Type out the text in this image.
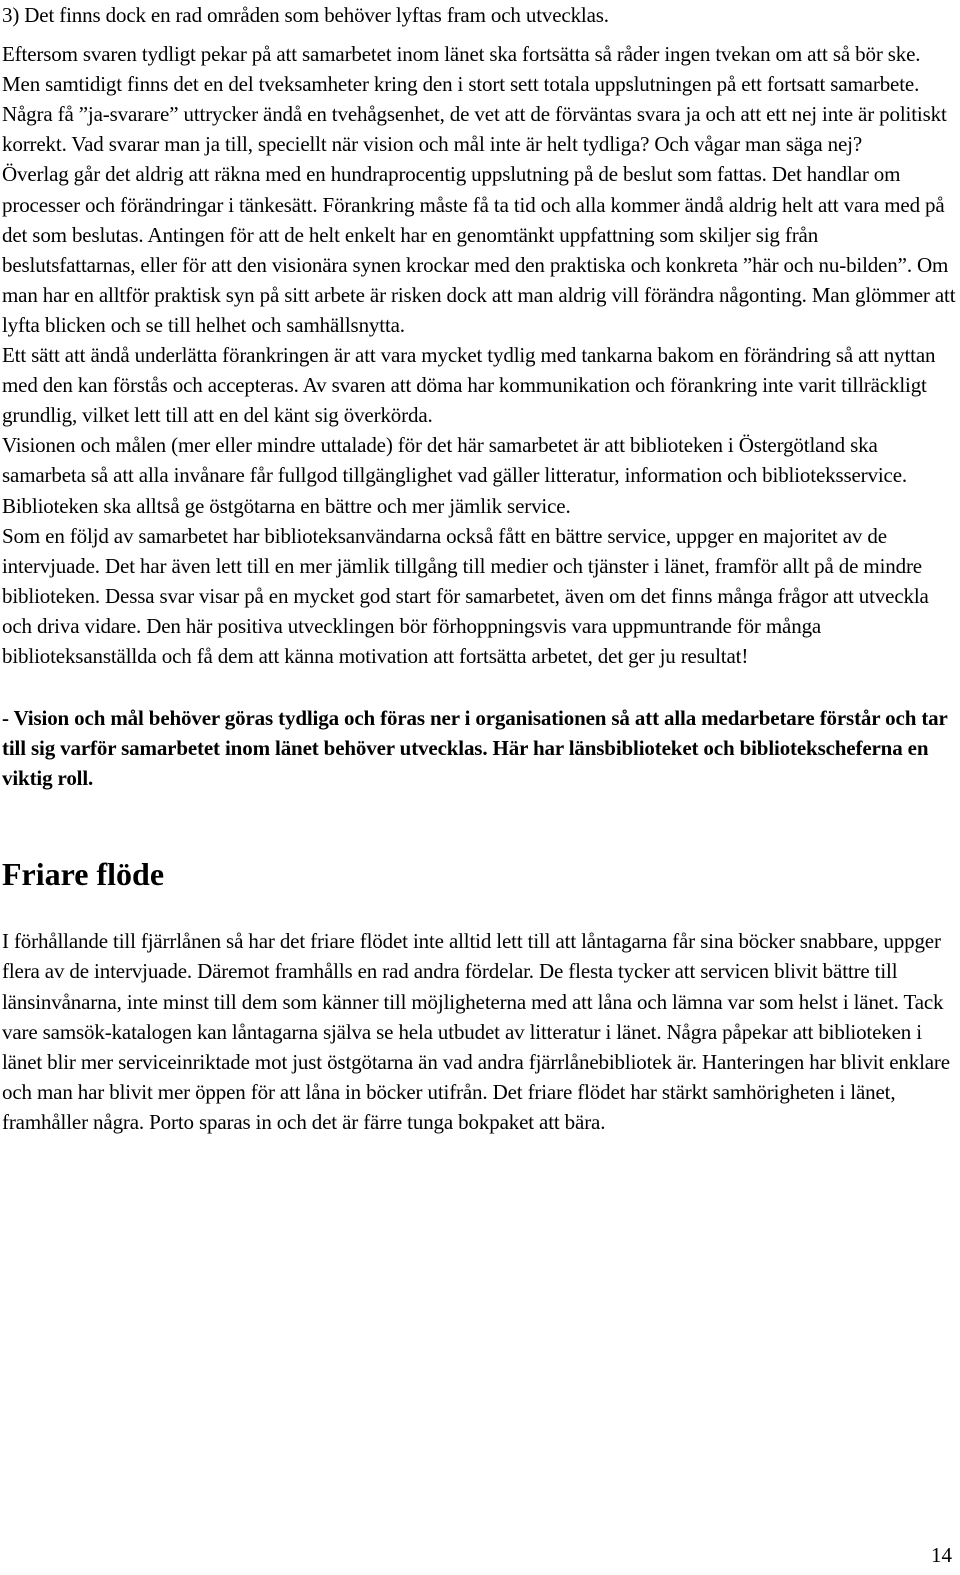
3) Det finns dock en rad områden som behöver lyftas fram och utvecklas.

Eftersom svaren tydligt pekar på att samarbetet inom länet ska fortsätta så råder ingen tvekan om att så bör ske. Men samtidigt finns det en del tveksamheter kring den i stort sett totala uppslutningen på ett fortsatt samarbete. Några få ”ja-svarare” uttrycker ändå en tvehågsenhet, de vet att de förväntas svara ja och att ett nej inte är politiskt korrekt. Vad svarar man ja till, speciellt när vision och mål inte är helt tydliga? Och vågar man säga nej?

Överlag går det aldrig att räkna med en hundraprocentig uppslutning på de beslut som fattas. Det handlar om processer och förändringar i tänkesätt. Förankring måste få ta tid och alla kommer ändå aldrig helt att vara med på det som beslutas. Antingen för att de helt enkelt har en genomtänkt uppfattning som skiljer sig från beslutsfattarnas, eller för att den visionära synen krockar med den praktiska och konkreta ”här och nu-bilden”. Om man har en alltför praktisk syn på sitt arbete är risken dock att man aldrig vill förändra någonting. Man glömmer att lyfta blicken och se till helhet och samhällsnytta.

Ett sätt att ändå underlätta förankringen är att vara mycket tydlig med tankarna bakom en förändring så att nyttan med den kan förstås och accepteras. Av svaren att döma har kommunikation och förankring inte varit tillräckligt grundlig, vilket lett till att en del känt sig överkörda.

Visionen och målen (mer eller mindre uttalade) för det här samarbetet är att biblioteken i Östergötland ska samarbeta så att alla invånare får fullgod tillgänglighet vad gäller litteratur, information och biblioteksservice. Biblioteken ska alltså ge östgötarna en bättre och mer jämlik service.

Som en följd av samarbetet har biblioteksanvändarna också fått en bättre service, uppger en majoritet av de intervjuade. Det har även lett till en mer jämlik tillgång till medier och tjänster i länet, framför allt på de mindre biblioteken. Dessa svar visar på en mycket god start för samarbetet, även om det finns många frågor att utveckla och driva vidare. Den här positiva utvecklingen bör förhoppningsvis vara uppmuntrande för många biblioteksanställda och få dem att känna motivation att fortsätta arbetet, det ger ju resultat!

- Vision och mål behöver göras tydliga och föras ner i organisationen så att alla medarbetare förstår och tar till sig varför samarbetet inom länet behöver utvecklas. Här har länsbiblioteket och bibliotekscheferna en viktig roll.

Friare flöde

I förhållande till fjärrlånen så har det friare flödet inte alltid lett till att låntagarna får sina böcker snabbare, uppger flera av de intervjuade. Däremot framhålls en rad andra fördelar. De flesta tycker att servicen blivit bättre till länsinvånarna, inte minst till dem som känner till möjligheterna med att låna och lämna var som helst i länet. Tack vare samsök-katalogen kan låntagarna själva se hela utbudet av litteratur i länet. Några påpekar att biblioteken i länet blir mer serviceinriktade mot just östgötarna än vad andra fjärrlånebibliotek är. Hanteringen har blivit enklare och man har blivit mer öppen för att låna in böcker utifrån. Det friare flödet har stärkt samhörigheten i länet, framhåller några. Porto sparas in och det är färre tunga bokpaket att bära.

14
